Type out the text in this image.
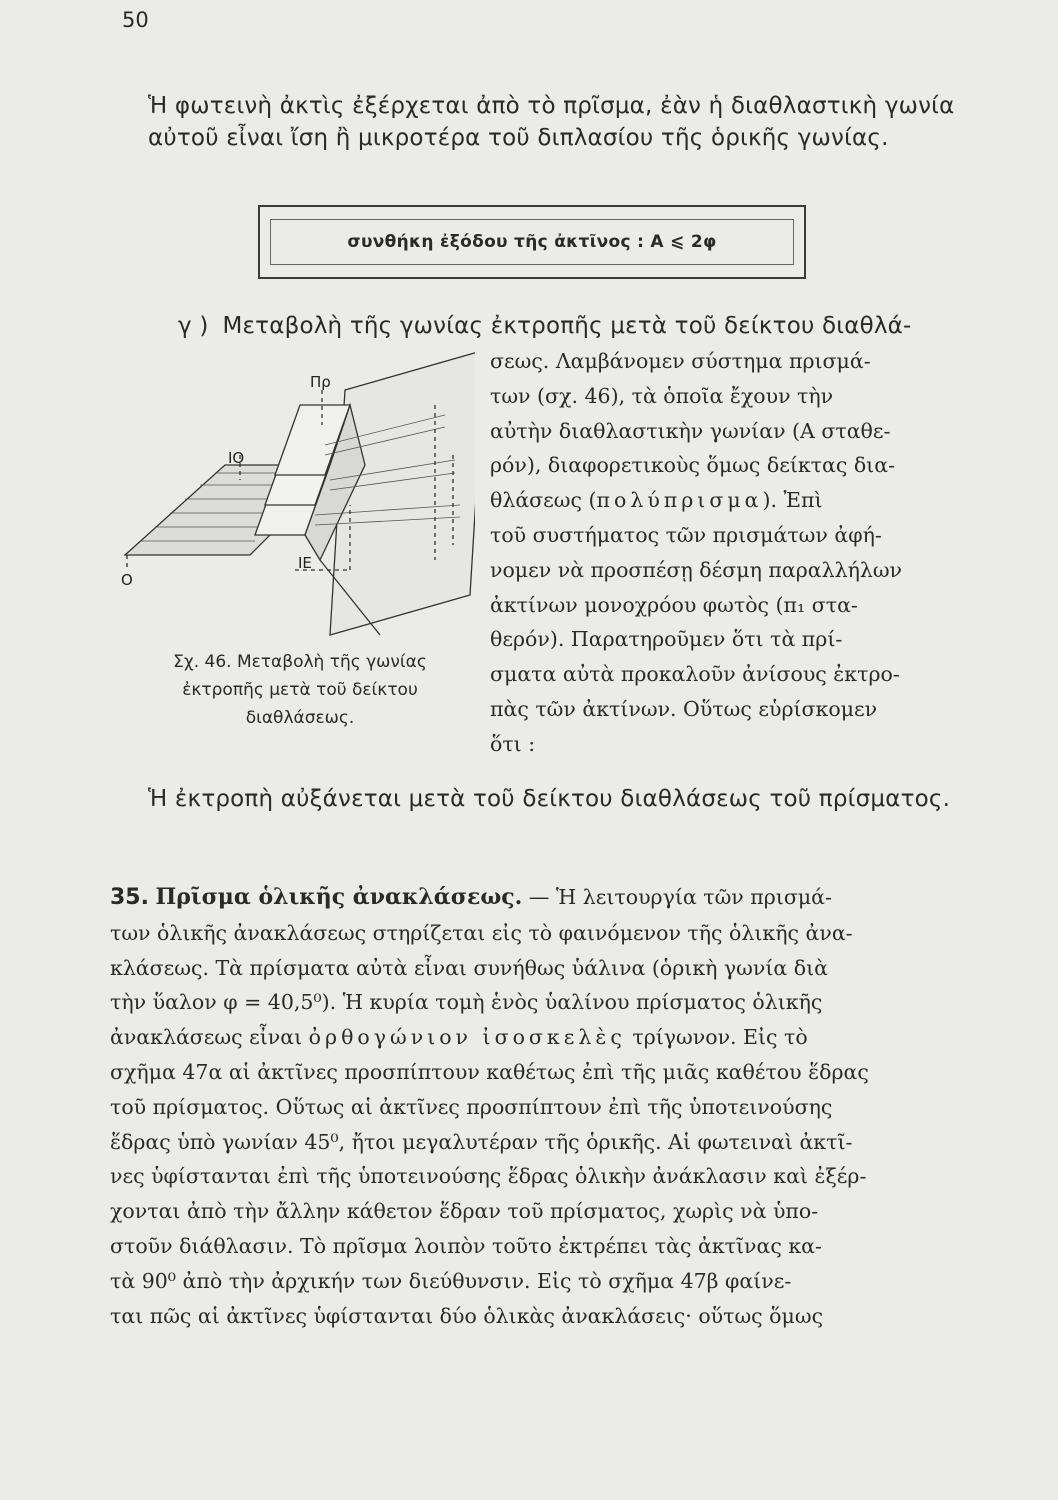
50
Ἡ φωτεινὴ ἀκτὶς ἐξέρχεται ἀπὸ τὸ πρῖσμα, ἐὰν ἡ διαθλαστικὴ γωνία αὐτοῦ εἶναι ἴση ἢ μικροτέρα τοῦ διπλασίου τῆς ὁρικῆς γωνίας.
συνθήκη ἐξόδου τῆς ἀκτῖνος : Α ⩽ 2φ
γ ) Μεταβολὴ τῆς γωνίας ἐκτροπῆς μετὰ τοῦ δείκτου διαθλά-
σεως. Λαμβάνομεν σύστημα πρισμά-
των (σχ. 46), τὰ ὁποῖα ἔχουν τὴν
αὐτὴν διαθλαστικὴν γωνίαν (Α σταθε-
ρόν), διαφορετικοὺς ὅμως δείκτας δια-
θλάσεως (πολύπρισμα). Ἐπὶ
τοῦ συστήματος τῶν πρισμάτων ἀφή-
νομεν νὰ προσπέσῃ δέσμη παραλλήλων
ἀκτίνων μονοχρόου φωτὸς (π₁ στα-
θερόν). Παρατηροῦμεν ὅτι τὰ πρί-
σματα αὐτὰ προκαλοῦν ἀνίσους ἐκτρο-
πὰς τῶν ἀκτίνων. Οὕτως εὑρίσκομεν
ὅτι :
Πρ
ΙΟ
Ο
ΙΕ
Σχ. 46. Μεταβολὴ τῆς γωνίας ἐκτροπῆς μετὰ τοῦ δείκτου διαθλάσεως.
Ἡ ἐκτροπὴ αὐξάνεται μετὰ τοῦ δείκτου διαθλάσεως τοῦ πρίσματος.
35. Πρῖσμα ὁλικῆς ἀνακλάσεως. — Ἡ λειτουργία τῶν πρισμά-
των ὁλικῆς ἀνακλάσεως στηρίζεται εἰς τὸ φαινόμενον τῆς ὁλικῆς ἀνα-
κλάσεως. Τὰ πρίσματα αὐτὰ εἶναι συνήθως ὑάλινα (ὁρικὴ γωνία διὰ
τὴν ὕαλον φ = 40,5⁰). Ἡ κυρία τομὴ ἑνὸς ὑαλίνου πρίσματος ὁλικῆς
ἀνακλάσεως εἶναι ὀρθογώνιον ἰσοσκελὲς τρίγωνον. Εἰς τὸ
σχῆμα 47α αἱ ἀκτῖνες προσπίπτουν καθέτως ἐπὶ τῆς μιᾶς καθέτου ἕδρας
τοῦ πρίσματος. Οὕτως αἱ ἀκτῖνες προσπίπτουν ἐπὶ τῆς ὑποτεινούσης
ἕδρας ὑπὸ γωνίαν 45⁰, ἤτοι μεγαλυτέραν τῆς ὁρικῆς. Αἱ φωτειναὶ ἀκτῖ-
νες ὑφίστανται ἐπὶ τῆς ὑποτεινούσης ἕδρας ὁλικὴν ἀνάκλασιν καὶ ἐξέρ-
χονται ἀπὸ τὴν ἄλλην κάθετον ἕδραν τοῦ πρίσματος, χωρὶς νὰ ὑπο-
στοῦν διάθλασιν. Τὸ πρῖσμα λοιπὸν τοῦτο ἐκτρέπει τὰς ἀκτῖνας κα-
τὰ 90⁰ ἀπὸ τὴν ἀρχικήν των διεύθυνσιν. Εἰς τὸ σχῆμα 47β φαίνε-
ται πῶς αἱ ἀκτῖνες ὑφίστανται δύο ὁλικὰς ἀνακλάσεις· οὕτως ὅμως
